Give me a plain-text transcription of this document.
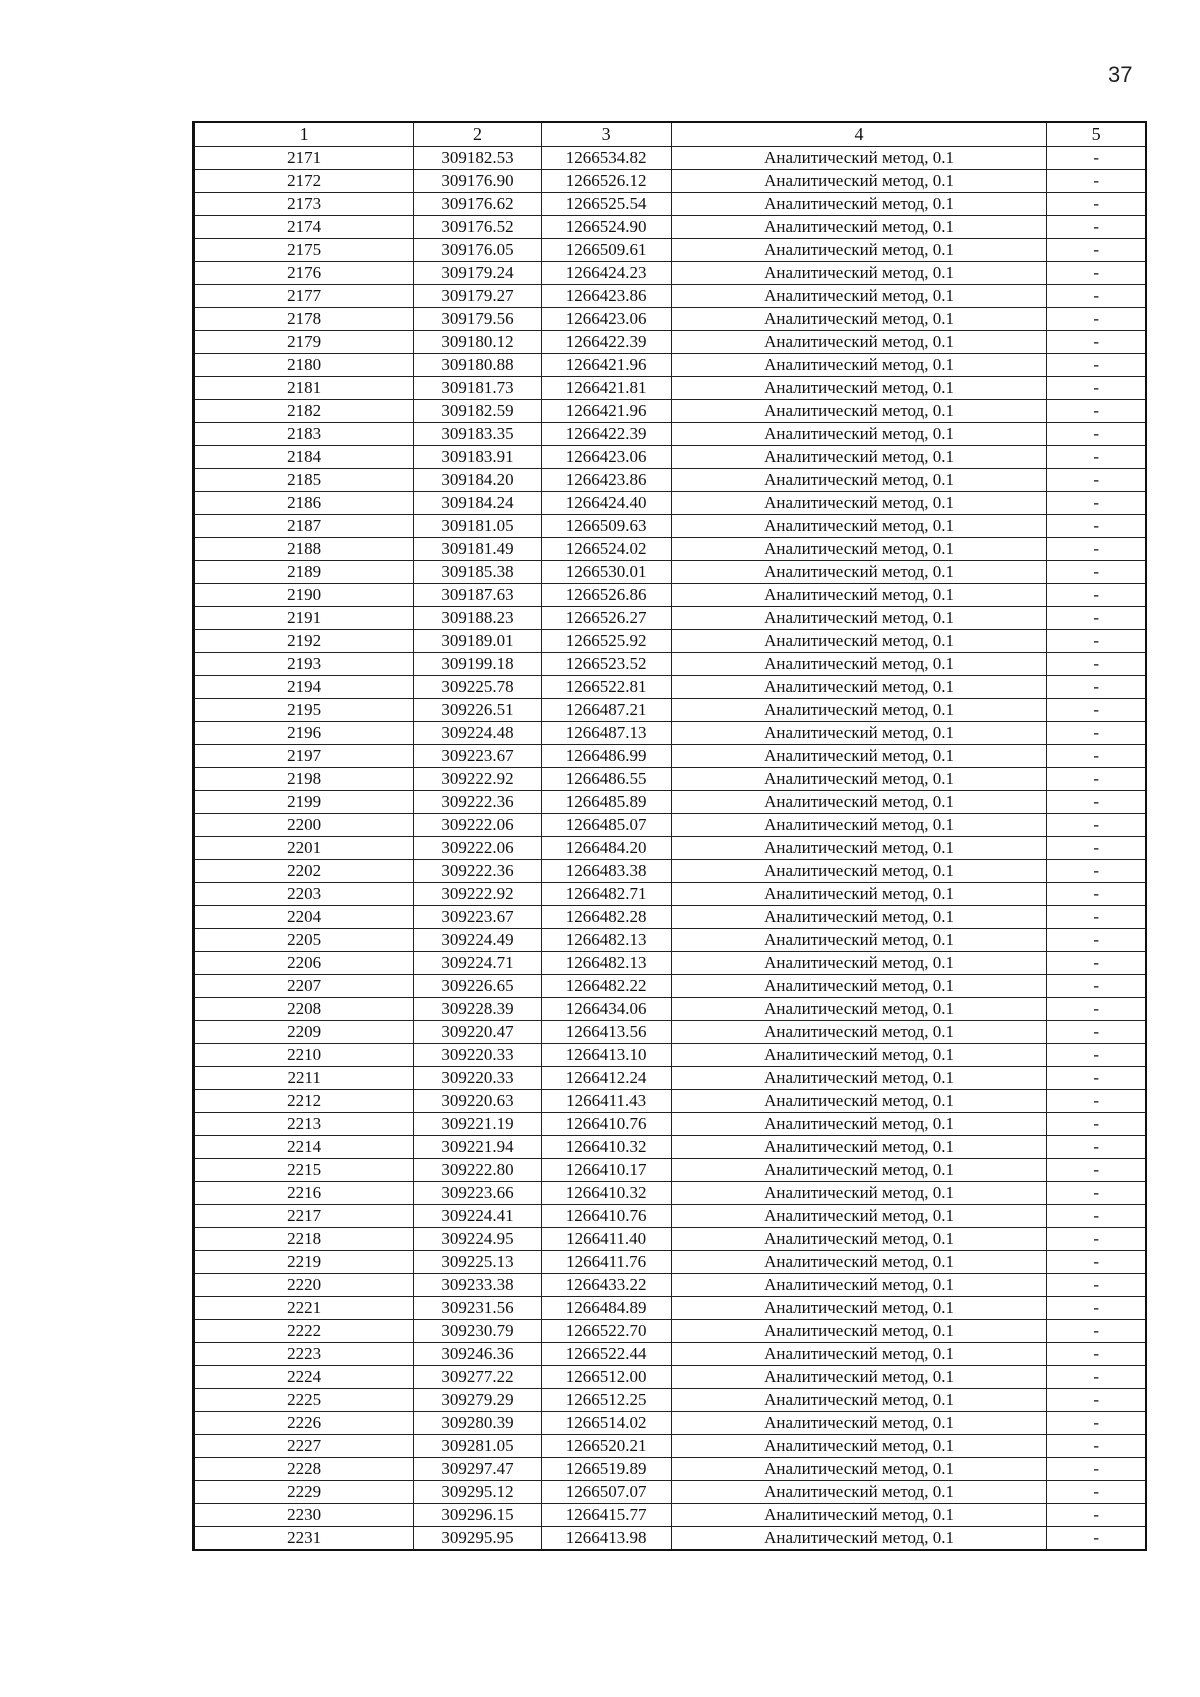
37
1	2	3	4	5
2171	309182.53	1266534.82	Аналитический метод, 0.1	-
2172	309176.90	1266526.12	Аналитический метод, 0.1	-
2173	309176.62	1266525.54	Аналитический метод, 0.1	-
2174	309176.52	1266524.90	Аналитический метод, 0.1	-
2175	309176.05	1266509.61	Аналитический метод, 0.1	-
2176	309179.24	1266424.23	Аналитический метод, 0.1	-
2177	309179.27	1266423.86	Аналитический метод, 0.1	-
2178	309179.56	1266423.06	Аналитический метод, 0.1	-
2179	309180.12	1266422.39	Аналитический метод, 0.1	-
2180	309180.88	1266421.96	Аналитический метод, 0.1	-
2181	309181.73	1266421.81	Аналитический метод, 0.1	-
2182	309182.59	1266421.96	Аналитический метод, 0.1	-
2183	309183.35	1266422.39	Аналитический метод, 0.1	-
2184	309183.91	1266423.06	Аналитический метод, 0.1	-
2185	309184.20	1266423.86	Аналитический метод, 0.1	-
2186	309184.24	1266424.40	Аналитический метод, 0.1	-
2187	309181.05	1266509.63	Аналитический метод, 0.1	-
2188	309181.49	1266524.02	Аналитический метод, 0.1	-
2189	309185.38	1266530.01	Аналитический метод, 0.1	-
2190	309187.63	1266526.86	Аналитический метод, 0.1	-
2191	309188.23	1266526.27	Аналитический метод, 0.1	-
2192	309189.01	1266525.92	Аналитический метод, 0.1	-
2193	309199.18	1266523.52	Аналитический метод, 0.1	-
2194	309225.78	1266522.81	Аналитический метод, 0.1	-
2195	309226.51	1266487.21	Аналитический метод, 0.1	-
2196	309224.48	1266487.13	Аналитический метод, 0.1	-
2197	309223.67	1266486.99	Аналитический метод, 0.1	-
2198	309222.92	1266486.55	Аналитический метод, 0.1	-
2199	309222.36	1266485.89	Аналитический метод, 0.1	-
2200	309222.06	1266485.07	Аналитический метод, 0.1	-
2201	309222.06	1266484.20	Аналитический метод, 0.1	-
2202	309222.36	1266483.38	Аналитический метод, 0.1	-
2203	309222.92	1266482.71	Аналитический метод, 0.1	-
2204	309223.67	1266482.28	Аналитический метод, 0.1	-
2205	309224.49	1266482.13	Аналитический метод, 0.1	-
2206	309224.71	1266482.13	Аналитический метод, 0.1	-
2207	309226.65	1266482.22	Аналитический метод, 0.1	-
2208	309228.39	1266434.06	Аналитический метод, 0.1	-
2209	309220.47	1266413.56	Аналитический метод, 0.1	-
2210	309220.33	1266413.10	Аналитический метод, 0.1	-
2211	309220.33	1266412.24	Аналитический метод, 0.1	-
2212	309220.63	1266411.43	Аналитический метод, 0.1	-
2213	309221.19	1266410.76	Аналитический метод, 0.1	-
2214	309221.94	1266410.32	Аналитический метод, 0.1	-
2215	309222.80	1266410.17	Аналитический метод, 0.1	-
2216	309223.66	1266410.32	Аналитический метод, 0.1	-
2217	309224.41	1266410.76	Аналитический метод, 0.1	-
2218	309224.95	1266411.40	Аналитический метод, 0.1	-
2219	309225.13	1266411.76	Аналитический метод, 0.1	-
2220	309233.38	1266433.22	Аналитический метод, 0.1	-
2221	309231.56	1266484.89	Аналитический метод, 0.1	-
2222	309230.79	1266522.70	Аналитический метод, 0.1	-
2223	309246.36	1266522.44	Аналитический метод, 0.1	-
2224	309277.22	1266512.00	Аналитический метод, 0.1	-
2225	309279.29	1266512.25	Аналитический метод, 0.1	-
2226	309280.39	1266514.02	Аналитический метод, 0.1	-
2227	309281.05	1266520.21	Аналитический метод, 0.1	-
2228	309297.47	1266519.89	Аналитический метод, 0.1	-
2229	309295.12	1266507.07	Аналитический метод, 0.1	-
2230	309296.15	1266415.77	Аналитический метод, 0.1	-
2231	309295.95	1266413.98	Аналитический метод, 0.1	-
